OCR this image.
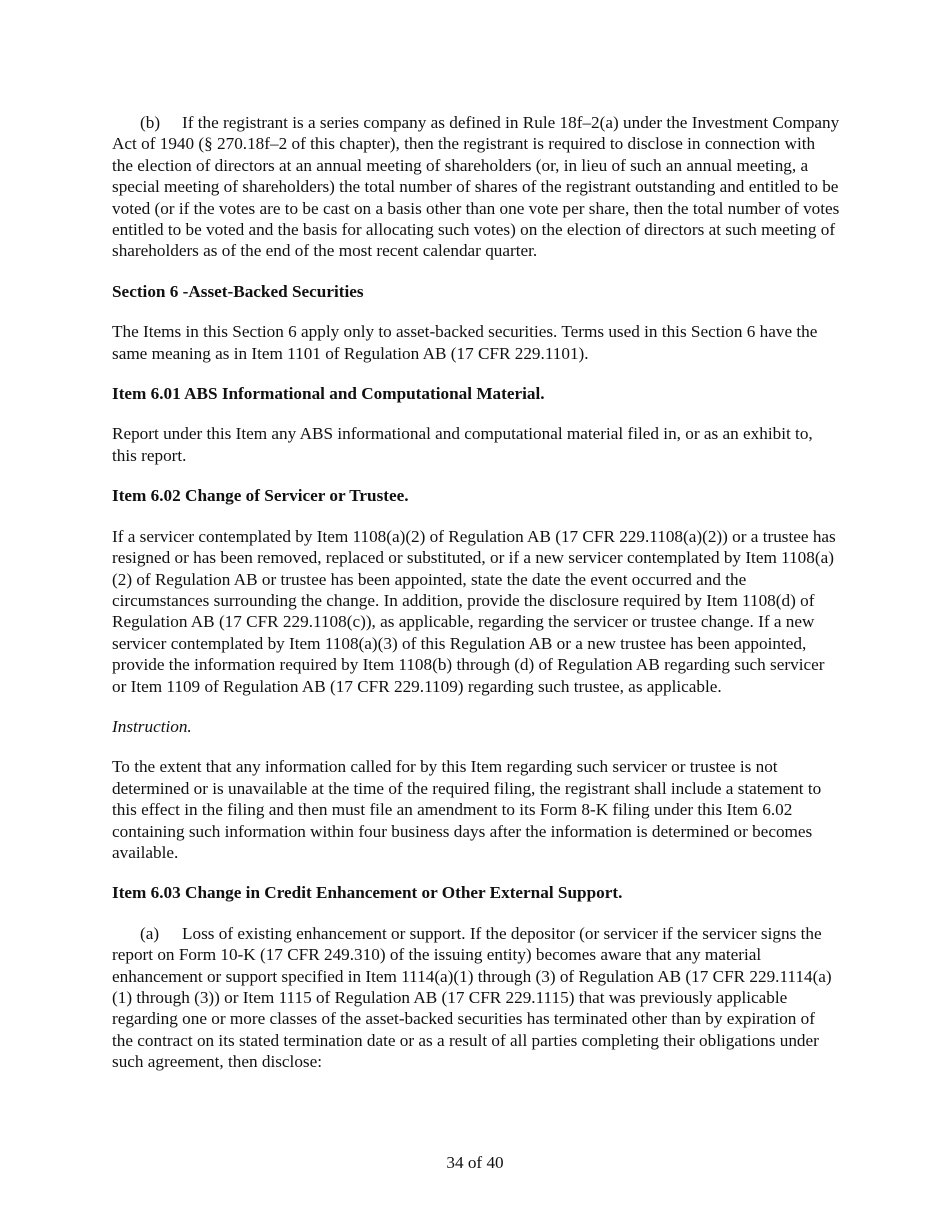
(b) If the registrant is a series company as defined in Rule 18f–2(a) under the Investment Company Act of 1940 (§ 270.18f–2 of this chapter), then the registrant is required to disclose in connection with the election of directors at an annual meeting of shareholders (or, in lieu of such an annual meeting, a special meeting of shareholders) the total number of shares of the registrant outstanding and entitled to be voted (or if the votes are to be cast on a basis other than one vote per share, then the total number of votes entitled to be voted and the basis for allocating such votes) on the election of directors at such meeting of shareholders as of the end of the most recent calendar quarter.

Section 6 -Asset-Backed Securities

The Items in this Section 6 apply only to asset-backed securities. Terms used in this Section 6 have the same meaning as in Item 1101 of Regulation AB (17 CFR 229.1101).

Item 6.01 ABS Informational and Computational Material.

Report under this Item any ABS informational and computational material filed in, or as an exhibit to, this report.

Item 6.02 Change of Servicer or Trustee.

If a servicer contemplated by Item 1108(a)(2) of Regulation AB (17 CFR 229.1108(a)(2)) or a trustee has resigned or has been removed, replaced or substituted, or if a new servicer contemplated by Item 1108(a)(2) of Regulation AB or trustee has been appointed, state the date the event occurred and the circumstances surrounding the change. In addition, provide the disclosure required by Item 1108(d) of Regulation AB (17 CFR 229.1108(c)), as applicable, regarding the servicer or trustee change. If a new servicer contemplated by Item 1108(a)(3) of this Regulation AB or a new trustee has been appointed, provide the information required by Item 1108(b) through (d) of Regulation AB regarding such servicer or Item 1109 of Regulation AB (17 CFR 229.1109) regarding such trustee, as applicable.

Instruction.

To the extent that any information called for by this Item regarding such servicer or trustee is not determined or is unavailable at the time of the required filing, the registrant shall include a statement to this effect in the filing and then must file an amendment to its Form 8-K filing under this Item 6.02 containing such information within four business days after the information is determined or becomes available.

Item 6.03 Change in Credit Enhancement or Other External Support.

(a) Loss of existing enhancement or support. If the depositor (or servicer if the servicer signs the report on Form 10-K (17 CFR 249.310) of the issuing entity) becomes aware that any material enhancement or support specified in Item 1114(a)(1) through (3) of Regulation AB (17 CFR 229.1114(a)(1) through (3)) or Item 1115 of Regulation AB (17 CFR 229.1115) that was previously applicable regarding one or more classes of the asset-backed securities has terminated other than by expiration of the contract on its stated termination date or as a result of all parties completing their obligations under such agreement, then disclose:

34 of 40
